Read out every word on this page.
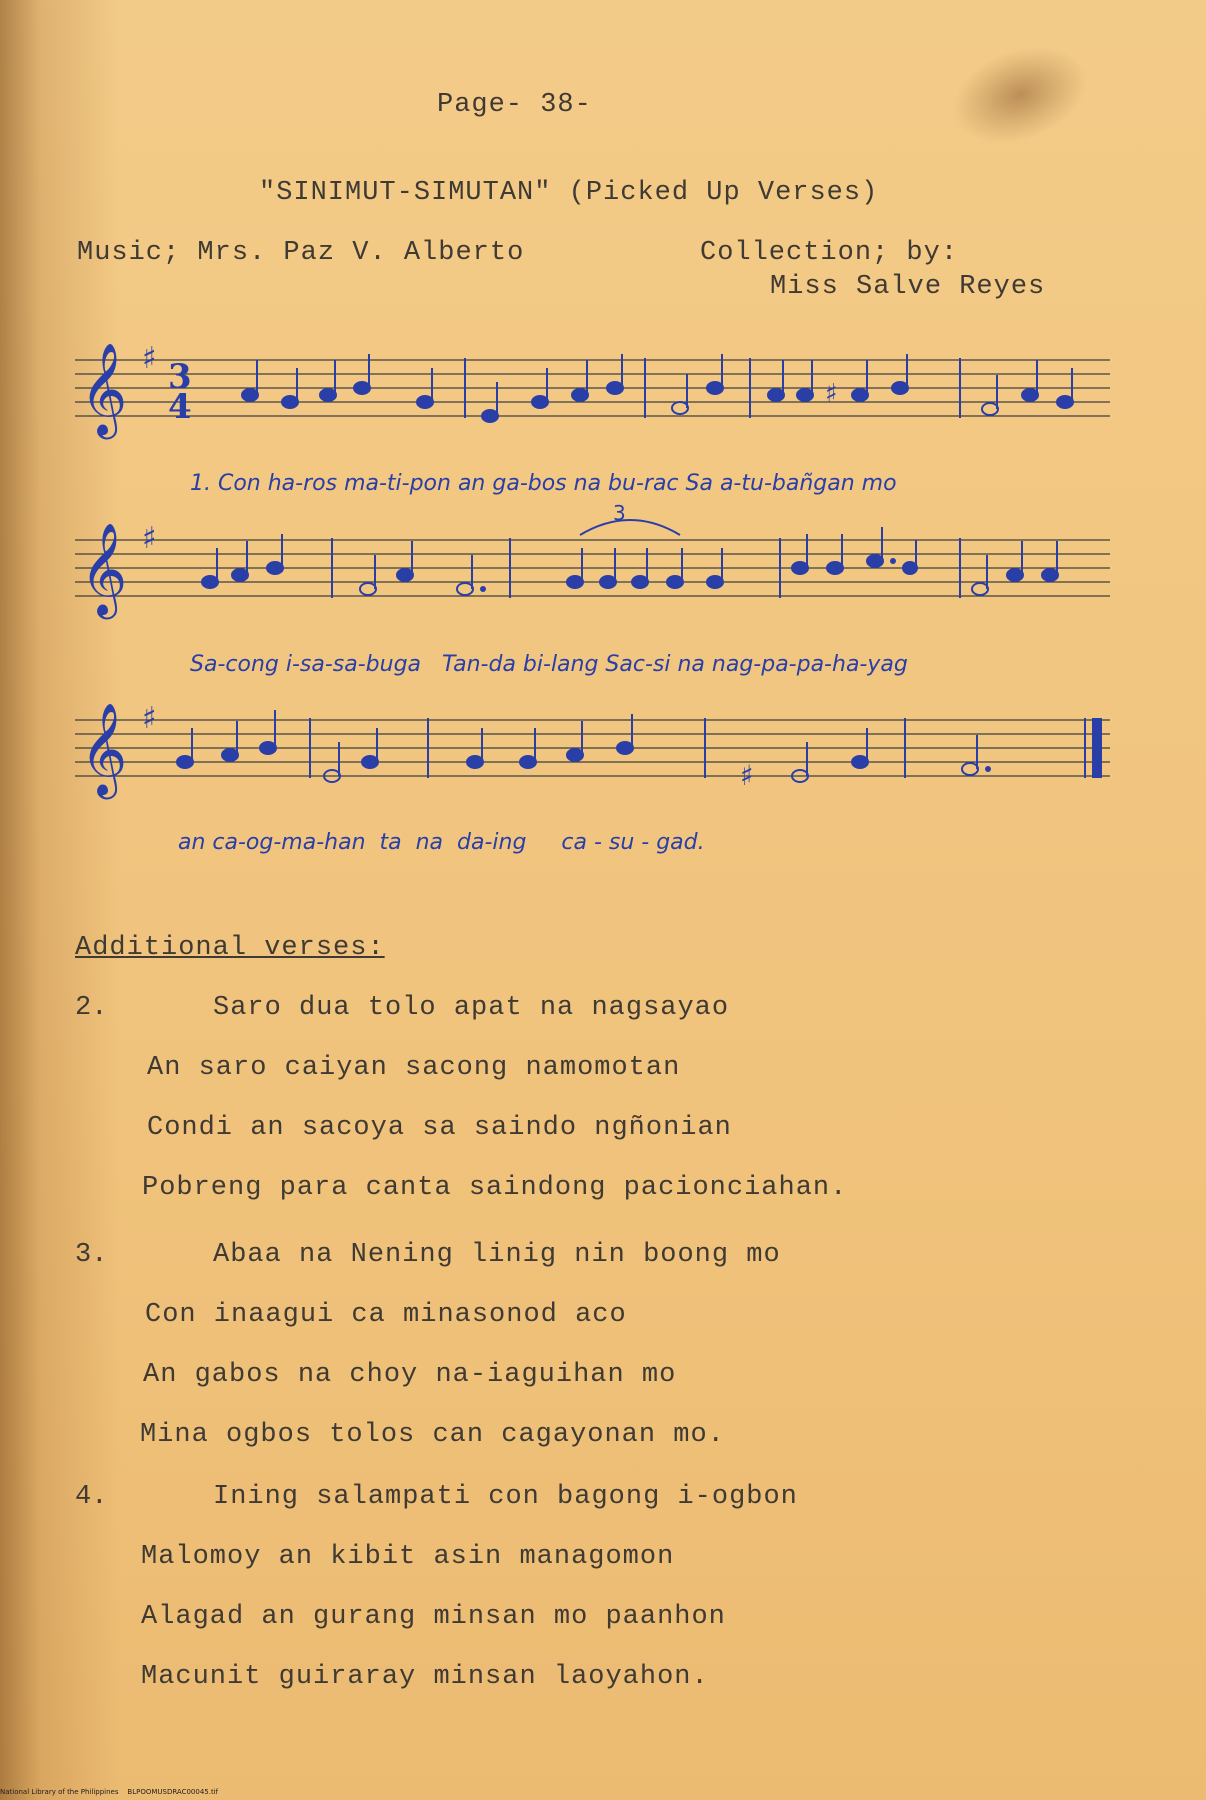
Page- 38-
"SINIMUT-SIMUTAN" (Picked Up Verses)
Music; Mrs. Paz V. Alberto	Collection; by:
Miss Salve Reyes
𝄞 ♯ 3
4	♯
1. Con ha-ros ma-ti-pon an ga-bos na bu-rac Sa a-tu-bañgan mo
𝄞 ♯
3
Sa-cong i-sa-sa-buga   Tan-da bi-lang Sac-si na nag-pa-pa-ha-yag
𝄞 ♯
♯
an ca-og-ma-han  ta  na  da-ing     ca - su - gad.
Additional verses:
2.	Saro dua tolo apat na nagsayao
An saro caiyan sacong namomotan
Condi an sacoya sa saindo ngñonian
Pobreng para canta saindong pacionciahan.
3.	Abaa na Nening linig nin boong mo
Con inaagui ca minasonod aco
An gabos na choy na-iaguihan mo
Mina ogbos tolos can cagayonan mo.
4.	Ining salampati con bagong i-ogbon
Malomoy an kibit asin managomon
Alagad an gurang minsan mo paanhon
Macunit guiraray minsan laoyahon.
National Library of the Philippines    BLPOOMUSDRAC00045.tif
